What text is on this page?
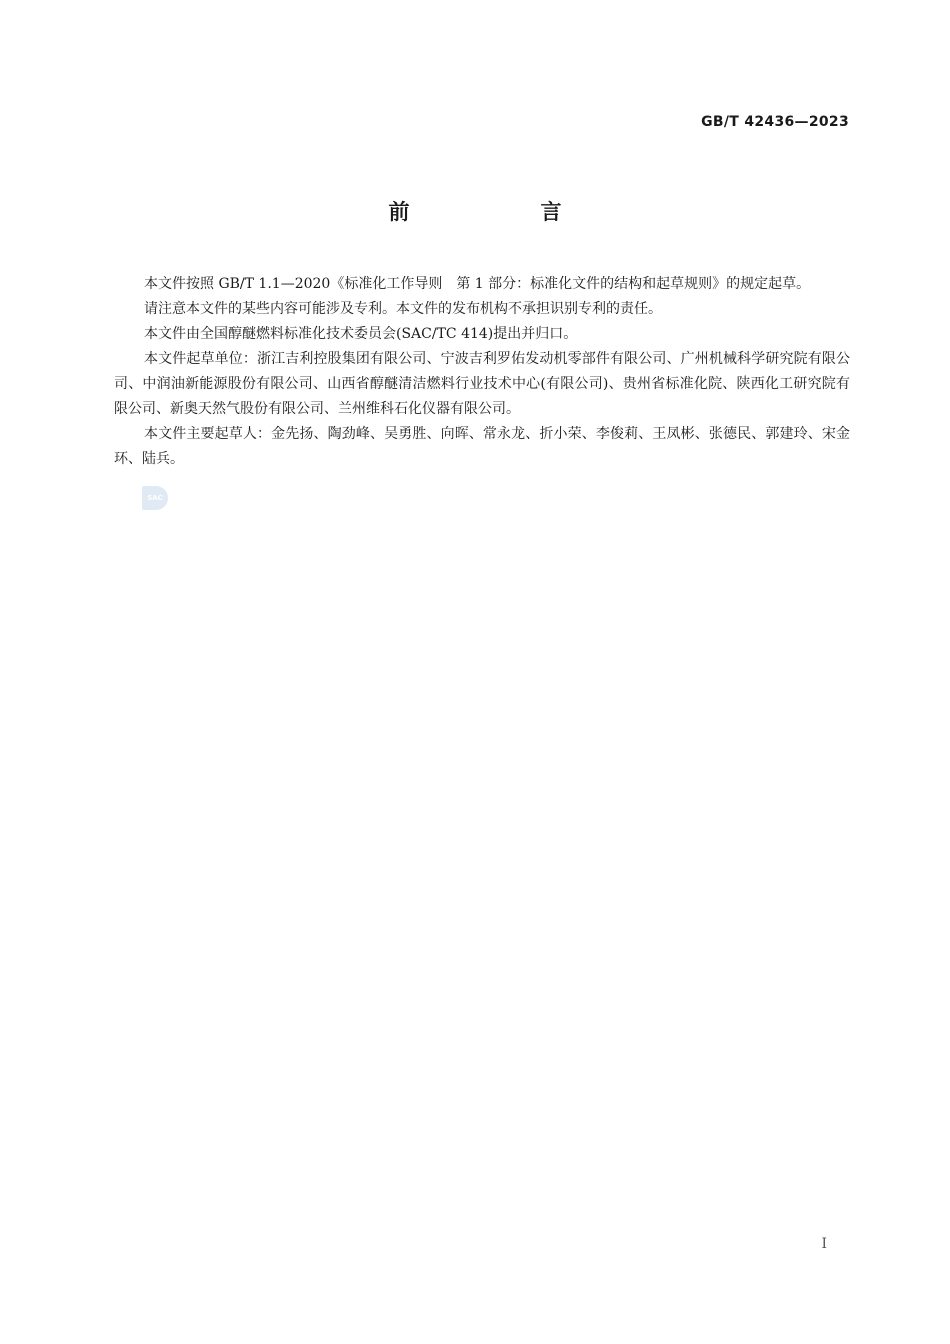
GB/T 42436—2023
前　言

本文件按照 GB/T 1.1—2020《标准化工作导则　第 1 部分：标准化文件的结构和起草规则》的规定起草。

请注意本文件的某些内容可能涉及专利。本文件的发布机构不承担识别专利的责任。

本文件由全国醇醚燃料标准化技术委员会(SAC/TC 414)提出并归口。

本文件起草单位：浙江吉利控股集团有限公司、宁波吉利罗佑发动机零部件有限公司、广州机械科学研究院有限公司、中润油新能源股份有限公司、山西省醇醚清洁燃料行业技术中心(有限公司)、贵州省标准化院、陕西化工研究院有限公司、新奥天然气股份有限公司、兰州维科石化仪器有限公司。

本文件主要起草人：金先扬、陶劲峰、吴勇胜、向晖、常永龙、折小荣、李俊莉、王凤彬、张德民、郭建玲、宋金环、陆兵。

SAC
I
